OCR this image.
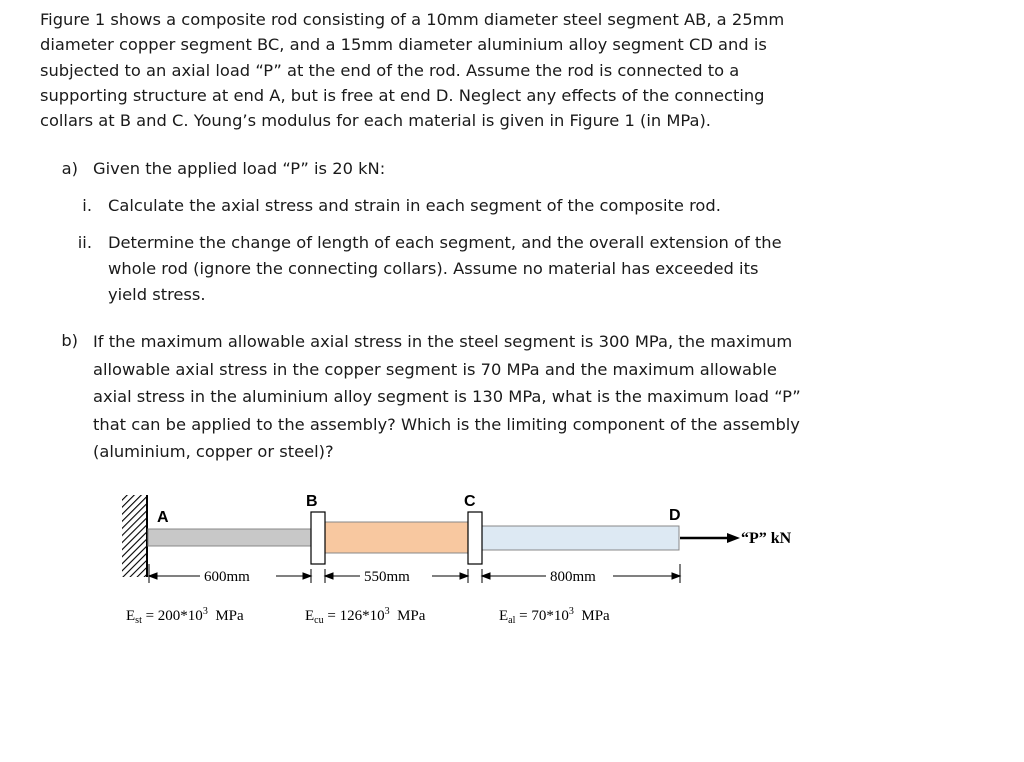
Figure 1 shows a composite rod consisting of a 10mm diameter steel segment AB, a 25mm diameter copper segment BC, and a 15mm diameter aluminium alloy segment CD and is subjected to an axial load “P” at the end of the rod. Assume the rod is connected to a supporting structure at end A, but is free at end D. Neglect any effects of the connecting collars at B and C. Young’s modulus for each material is given in Figure 1 (in MPa).

a) Given the applied load “P” is 20 kN:
i. Calculate the axial stress and strain in each segment of the composite rod.
ii. Determine the change of length of each segment, and the overall extension of the whole rod (ignore the connecting collars). Assume no material has exceeded its yield stress.
b) If the maximum allowable axial stress in the steel segment is 300 MPa, the maximum allowable axial stress in the copper segment is 70 MPa and the maximum allowable axial stress in the aluminium alloy segment is 130 MPa, what is the maximum load “P” that can be applied to the assembly? Which is the limiting component of the assembly (aluminium, copper or steel)?
A
B	C
D
“P” kN
600mm	550mm	800mm
$E_{st} = 200*10^3$  MPa	$E_{cu} = 126*10^3$  MPa	$E_{al} = 70*10^3$  MPa
